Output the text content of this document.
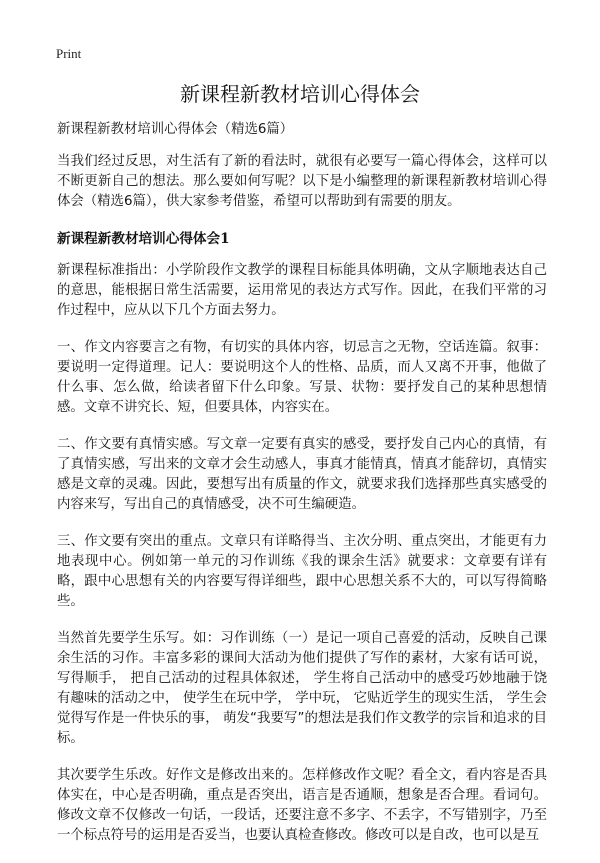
Print
新课程新教材培训心得体会
新课程新教材培训心得体会（精选6篇）

当我们经过反思，对生活有了新的看法时，就很有必要写一篇心得体会，这样可以不断更新自己的想法。那么要如何写呢？以下是小编整理的新课程新教材培训心得体会（精选6篇），供大家参考借鉴，希望可以帮助到有需要的朋友。

新课程新教材培训心得体会1

新课程标准指出：小学阶段作文教学的课程目标能具体明确，文从字顺地表达自己的意思，能根据日常生活需要，运用常见的表达方式写作。因此，在我们平常的习作过程中，应从以下几个方面去努力。

一、作文内容要言之有物，有切实的具体内容，切忌言之无物，空话连篇。叙事：要说明一定得道理。记人：要说明这个人的性格、品质，而人又离不开事，他做了什么事、怎么做，给读者留下什么印象。写景、状物：要抒发自己的某种思想情感。文章不讲究长、短，但要具体，内容实在。

二、作文要有真情实感。写文章一定要有真实的感受，要抒发自己内心的真情，有了真情实感，写出来的文章才会生动感人，事真才能情真，情真才能辞切，真情实感是文章的灵魂。因此，要想写出有质量的作文，就要求我们选择那些真实感受的内容来写，写出自己的真情感受，决不可生编硬造。

三、作文要有突出的重点。文章只有详略得当、主次分明、重点突出，才能更有力地表现中心。例如第一单元的习作训练《我的课余生活》就要求：文章要有详有略，跟中心思想有关的内容要写得详细些，跟中心思想关系不大的，可以写得简略些。

当然首先要学生乐写。如：习作训练（一）是记一项自己喜爱的活动，反映自己课余生活的习作。丰富多彩的课间大活动为他们提供了写作的素材，大家有话可说，写得顺手， 把自己活动的过程具体叙述， 学生将自己活动中的感受巧妙地融于饶有趣味的活动之中， 使学生在玩中学， 学中玩， 它贴近学生的现实生活， 学生会觉得写作是一件快乐的事， 萌发“我要写”的想法是我们作文教学的宗旨和追求的目标。

其次要学生乐改。好作文是修改出来的。怎样修改作文呢？看全文，看内容是否具体实在，中心是否明确，重点是否突出，语言是否通顺，想象是否合理。看词句。修改文章不仅修改一句话，一段话，还要注意不多字、不丢字，不写错别字，乃至一个标点符号的运用是否妥当，也要认真检查修改。修改可以是自改，也可以是互
